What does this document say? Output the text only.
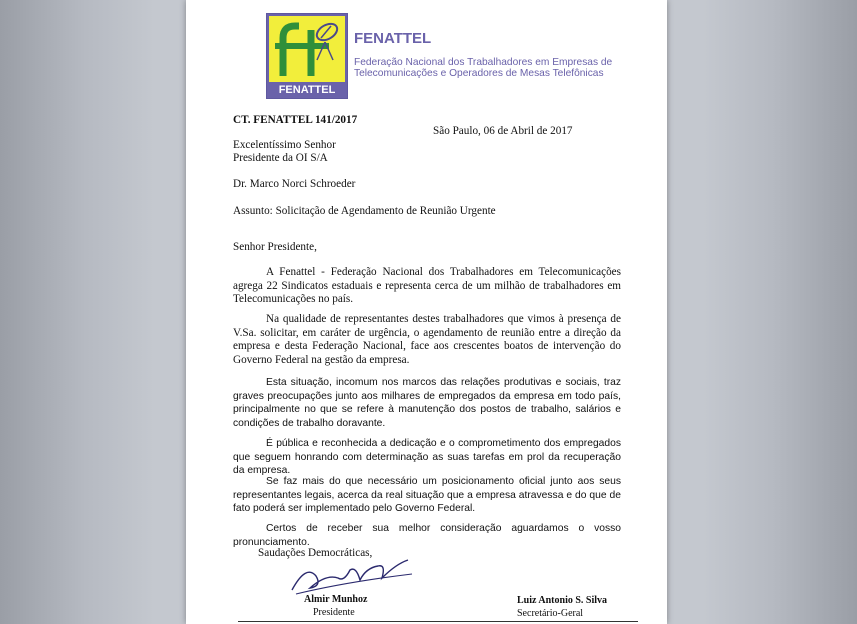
FENATTEL
FENATTEL
Federação Nacional dos Trabalhadores em Empresas de
Telecomunicações e Operadores de Mesas Telefônicas
CT. FENATTEL 141/2017
São Paulo, 06 de Abril de 2017
Excelentíssimo Senhor
Presidente da OI S/A
Dr. Marco Norci Schroeder
Assunto: Solicitação de Agendamento de Reunião Urgente
Senhor Presidente,
A Fenattel - Federação Nacional dos Trabalhadores em Telecomunicações agrega 22 Sindicatos estaduais e representa cerca de um milhão de trabalhadores em Telecomunicações no país.
Na qualidade de representantes destes trabalhadores que vimos à presença de V.Sa. solicitar, em caráter de urgência, o agendamento de reunião entre a direção da empresa e desta Federação Nacional, face aos crescentes boatos de intervenção do Governo Federal na gestão da empresa.
Esta situação, incomum nos marcos das relações produtivas e sociais, traz graves preocupações junto aos milhares de empregados da empresa em todo país, principalmente no que se refere à manutenção dos postos de trabalho, salários e condições de trabalho doravante.
É pública e reconhecida a dedicação e o comprometimento dos empregados que seguem honrando com determinação as suas tarefas em prol da recuperação da empresa.
Se faz mais do que necessário um posicionamento oficial junto aos seus representantes legais, acerca da real situação que a empresa atravessa e do que de fato poderá ser implementado pelo Governo Federal.
Certos de receber sua melhor consideração aguardamos o vosso pronunciamento.
Saudações Democráticas,
Almir Munhoz
Presidente
Luiz Antonio S. Silva
Secretário-Geral
